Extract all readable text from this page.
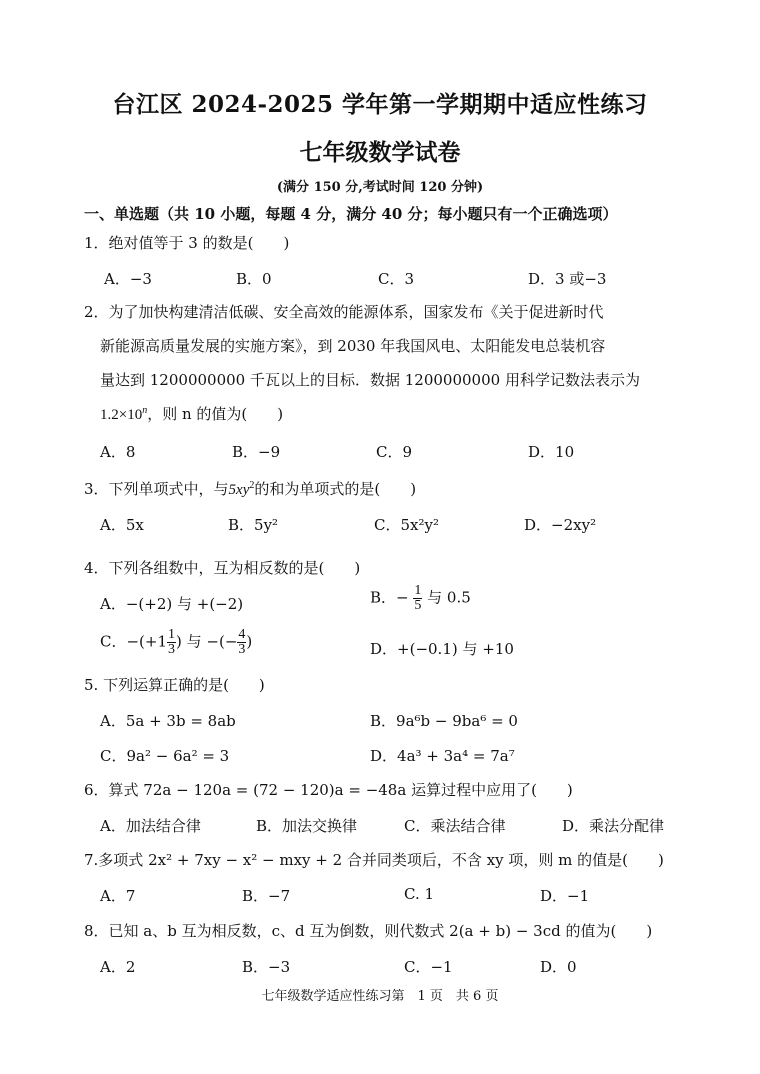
台江区 2024-2025 学年第一学期期中适应性练习
七年级数学试卷
(满分 150 分,考试时间 120 分钟)
一、单选题（共 10 小题，每题 4 分，满分 40 分；每小题只有一个正确选项）
1．绝对值等于 3 的数是(　　)
A．−3	B．0	C．3	D．3 或−3
2．为了加快构建清洁低碳、安全高效的能源体系，国家发布《关于促进新时代
新能源高质量发展的实施方案》，到 2030 年我国风电、太阳能发电总装机容
量达到 1200000000 千瓦以上的目标．数据 1200000000 用科学记数法表示为
$1.2\times 10^n$，则 n 的值为(　　)
A．8	B．−9	C．9	D．10
3．下列单项式中，与$5xy^2$的和为单项式的是(　　)
A．5x	B．5y²	C．5x²y²	D．−2xy²
4．下列各组数中，互为相反数的是(　　)
A．−(+2) 与 +(−2)	B．− $\frac{1}{5}$ 与 0.5
C．$-(+1 \frac{1}{3}$ ) 与 −(− $\frac{4}{3}$ )	D．+(−0.1) 与 +10
5. 下列运算正确的是(　　)
A．5a + 3b = 8ab	B．9a⁶b − 9ba⁶ = 0
C．9a² − 6a² = 3	D．4a³ + 3a⁴ = 7a⁷
6．算式 72a − 120a = (72 − 120)a = −48a 运算过程中应用了(　　)
A．加法结合律	B．加法交换律	C．乘法结合律	D．乘法分配律
7.多项式 2x² + 7xy − x² − mxy + 2 合并同类项后，不含 xy 项，则 m 的值是(　　)
A．7	B．−7	C. 1	D．−1
8．已知 a、b 互为相反数，c、d 互为倒数，则代数式 2(a + b) − 3cd 的值为(　　)
A．2	B．−3	C．−1	D．0
七年级数学适应性练习第　1 页　共 6 页
